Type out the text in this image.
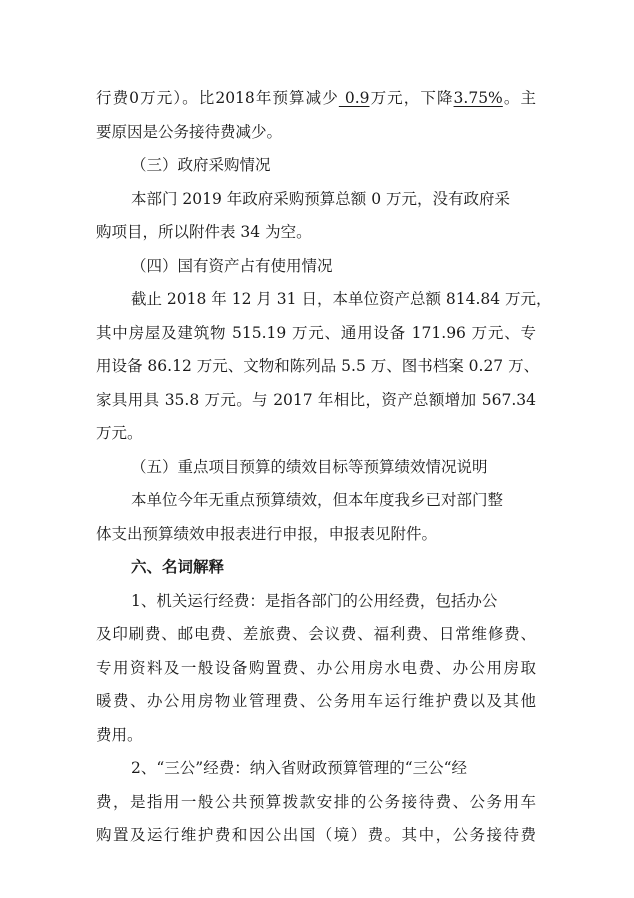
行费0万元）。比2018年预算减少 0.9万元，下降3.75%。主
要原因是公务接待费减少。
（三）政府采购情况
本部门 2019 年政府采购预算总额 0 万元，没有政府采
购项目，所以附件表 34 为空。
（四）国有资产占有使用情况
截止 2018 年 12 月 31 日，本单位资产总额 814.84 万元，
其中房屋及建筑物 515.19 万元、通用设备 171.96 万元、专
用设备 86.12 万元、文物和陈列品 5.5 万、图书档案 0.27 万、
家具用具 35.8 万元。与 2017 年相比，资产总额增加 567.34
万元。
（五）重点项目预算的绩效目标等预算绩效情况说明
本单位今年无重点预算绩效，但本年度我乡已对部门整
体支出预算绩效申报表进行申报，申报表见附件。
六、名词解释
1、机关运行经费：是指各部门的公用经费，包括办公
及印刷费、邮电费、差旅费、会议费、福利费、日常维修费、
专用资料及一般设备购置费、办公用房水电费、办公用房取
暖费、办公用房物业管理费、公务用车运行维护费以及其他
费用。
2、“三公”经费：纳入省财政预算管理的“三公“经
费，是指用一般公共预算拨款安排的公务接待费、公务用车
购置及运行维护费和因公出国（境）费。其中，公务接待费
